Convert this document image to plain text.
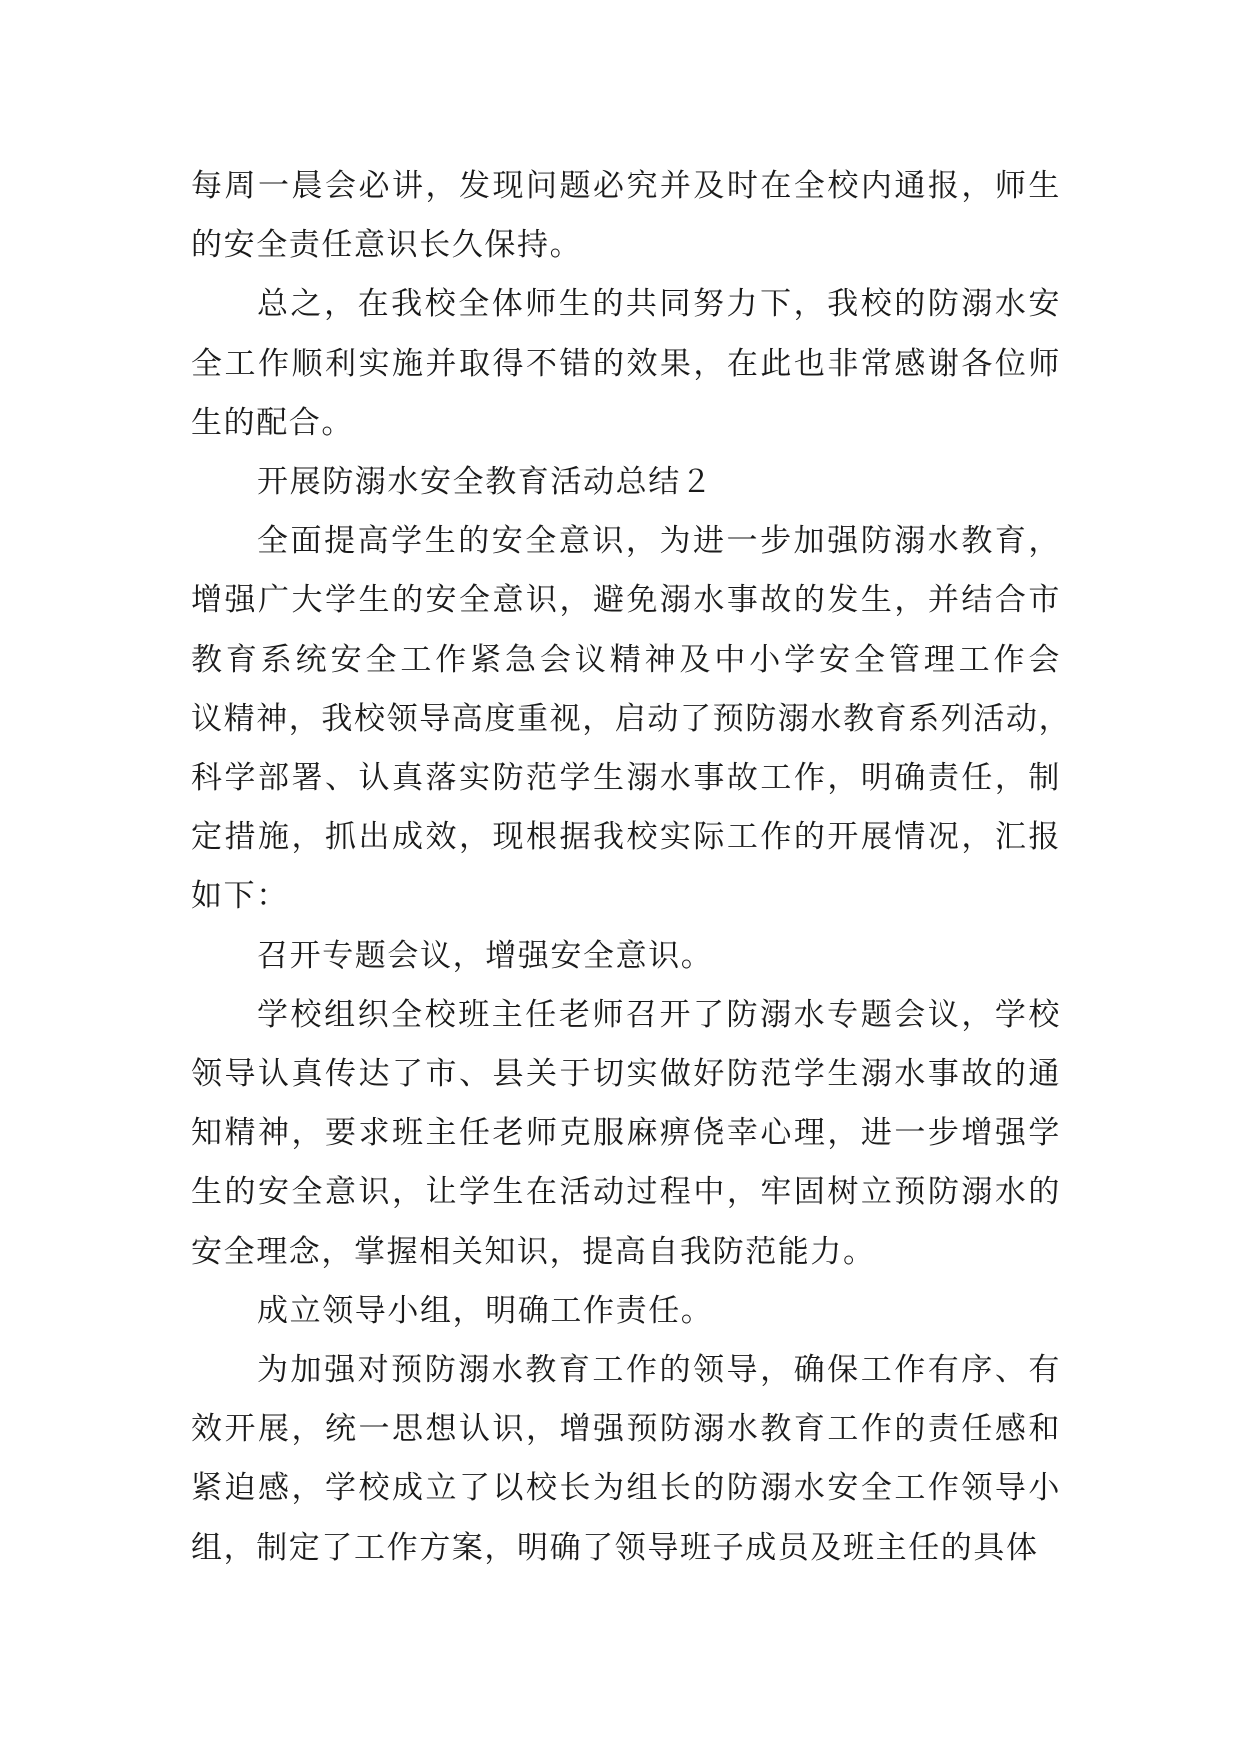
每周一晨会必讲，发现问题必究并及时在全校内通报，师生
的安全责任意识长久保持。

总之，在我校全体师生的共同努力下，我校的防溺水安
全工作顺利实施并取得不错的效果，在此也非常感谢各位师
生的配合。

开展防溺水安全教育活动总结２

全面提高学生的安全意识，为进一步加强防溺水教育，
增强广大学生的安全意识，避免溺水事故的发生，并结合市
教育系统安全工作紧急会议精神及中小学安全管理工作会
议精神，我校领导高度重视，启动了预防溺水教育系列活动，
科学部署、认真落实防范学生溺水事故工作，明确责任，制
定措施，抓出成效，现根据我校实际工作的开展情况，汇报
如下：

召开专题会议，增强安全意识。

学校组织全校班主任老师召开了防溺水专题会议，学校
领导认真传达了市、县关于切实做好防范学生溺水事故的通
知精神，要求班主任老师克服麻痹侥幸心理，进一步增强学
生的安全意识，让学生在活动过程中，牢固树立预防溺水的
安全理念，掌握相关知识，提高自我防范能力。

成立领导小组，明确工作责任。

为加强对预防溺水教育工作的领导，确保工作有序、有
效开展，统一思想认识，增强预防溺水教育工作的责任感和
紧迫感，学校成立了以校长为组长的防溺水安全工作领导小
组，制定了工作方案，明确了领导班子成员及班主任的具体
